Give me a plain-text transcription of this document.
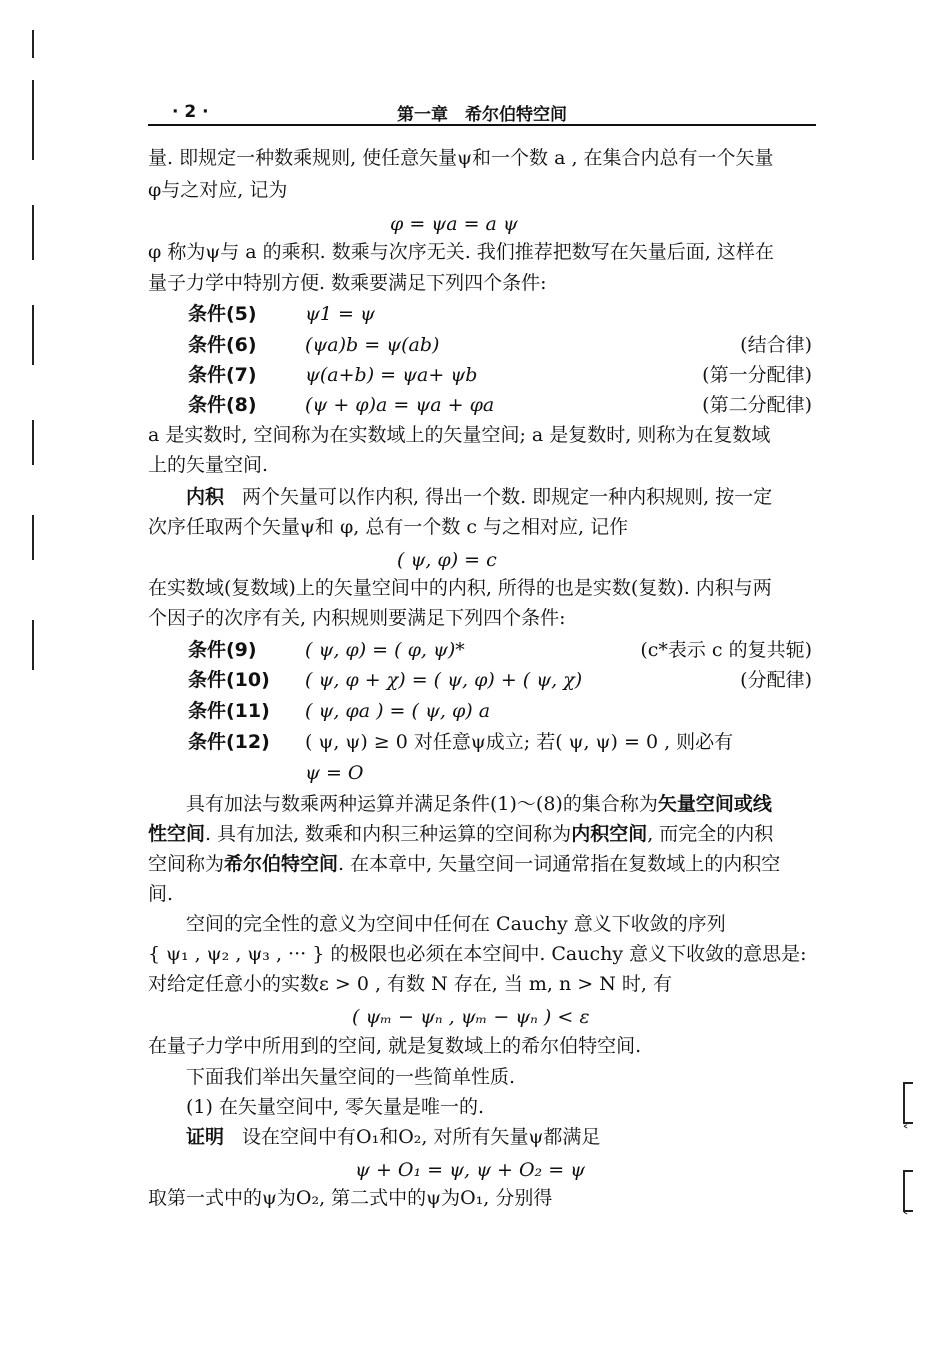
˂
˂
· 2 ·	第一章　希尔伯特空间
量. 即规定一种数乘规则, 使任意矢量ψ和一个数 a , 在集合内总有一个矢量
φ与之对应, 记为
φ = ψa = a ψ
φ 称为ψ与 a 的乘积. 数乘与次序无关. 我们推荐把数写在矢量后面, 这样在
量子力学中特别方便. 数乘要满足下列四个条件:
条件(5)	ψ1 = ψ
条件(6)	(ψa)b = ψ(ab)	(结合律)
条件(7)	ψ(a+b) = ψa+ ψb	(第一分配律)
条件(8)	(ψ + φ)a = ψa + φa	(第二分配律)
a 是实数时, 空间称为在实数域上的矢量空间; a 是复数时, 则称为在复数域
上的矢量空间.
内积 两个矢量可以作内积, 得出一个数. 即规定一种内积规则, 按一定
次序任取两个矢量ψ和 φ, 总有一个数 c 与之相对应, 记作
( ψ, φ) = c
在实数域(复数域)上的矢量空间中的内积, 所得的也是实数(复数). 内积与两
个因子的次序有关, 内积规则要满足下列四个条件:
条件(9)	( ψ, φ) = ( φ, ψ)*	(c*表示 c 的复共轭)
条件(10) ( ψ, φ + χ) = ( ψ, φ) + ( ψ, χ)	(分配律)
条件(11) ( ψ, φa ) = ( ψ, φ) a
条件(12) ( ψ, ψ) ≥ 0 对任意ψ成立; 若( ψ, ψ) = 0 , 则必有
ψ = O
具有加法与数乘两种运算并满足条件(1)～(8)的集合称为矢量空间或线
性空间. 具有加法, 数乘和内积三种运算的空间称为内积空间, 而完全的内积
空间称为希尔伯特空间. 在本章中, 矢量空间一词通常指在复数域上的内积空
间.
空间的完全性的意义为空间中任何在 Cauchy 意义下收敛的序列
{ ψ₁ , ψ₂ , ψ₃ , ··· } 的极限也必须在本空间中. Cauchy 意义下收敛的意思是:
对给定任意小的实数ε > 0 , 有数 N 存在, 当 m, n > N 时, 有
( ψₘ − ψₙ , ψₘ − ψₙ ) < ε
在量子力学中所用到的空间, 就是复数域上的希尔伯特空间.
下面我们举出矢量空间的一些简单性质.
(1) 在矢量空间中, 零矢量是唯一的.
证明 设在空间中有O₁和O₂, 对所有矢量ψ都满足
ψ + O₁ = ψ, ψ + O₂ = ψ
取第一式中的ψ为O₂, 第二式中的ψ为O₁, 分别得
